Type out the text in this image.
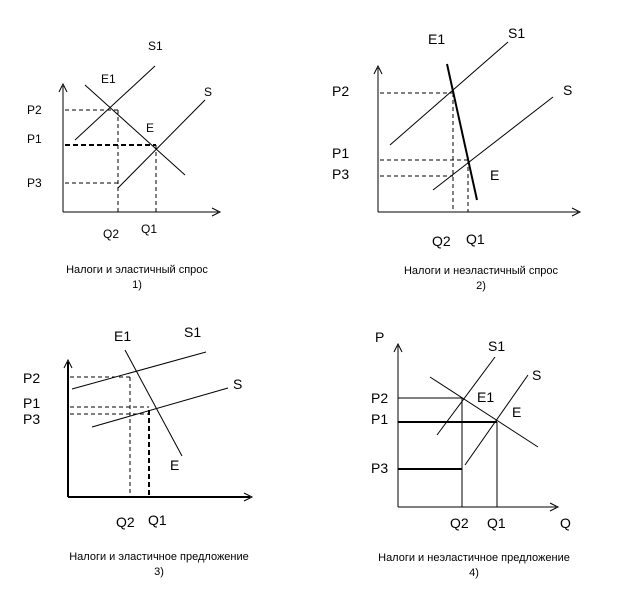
S1
S
E1
E
P2
P1
P3
Q2 Q1
Налоги и эластичный спрос
1)
S1
S
E1
E
P2
P1
P3
Q2 Q1
Налоги и неэластичный спрос
2)
S1
S
E1
E
P2
P1
P3
Q2 Q1
Налоги и эластичное предложение
3)
S1
S
E1
E
P
Q
P2
P1
P3
Q2 Q1
Налоги и неэластичное предложение
4)
